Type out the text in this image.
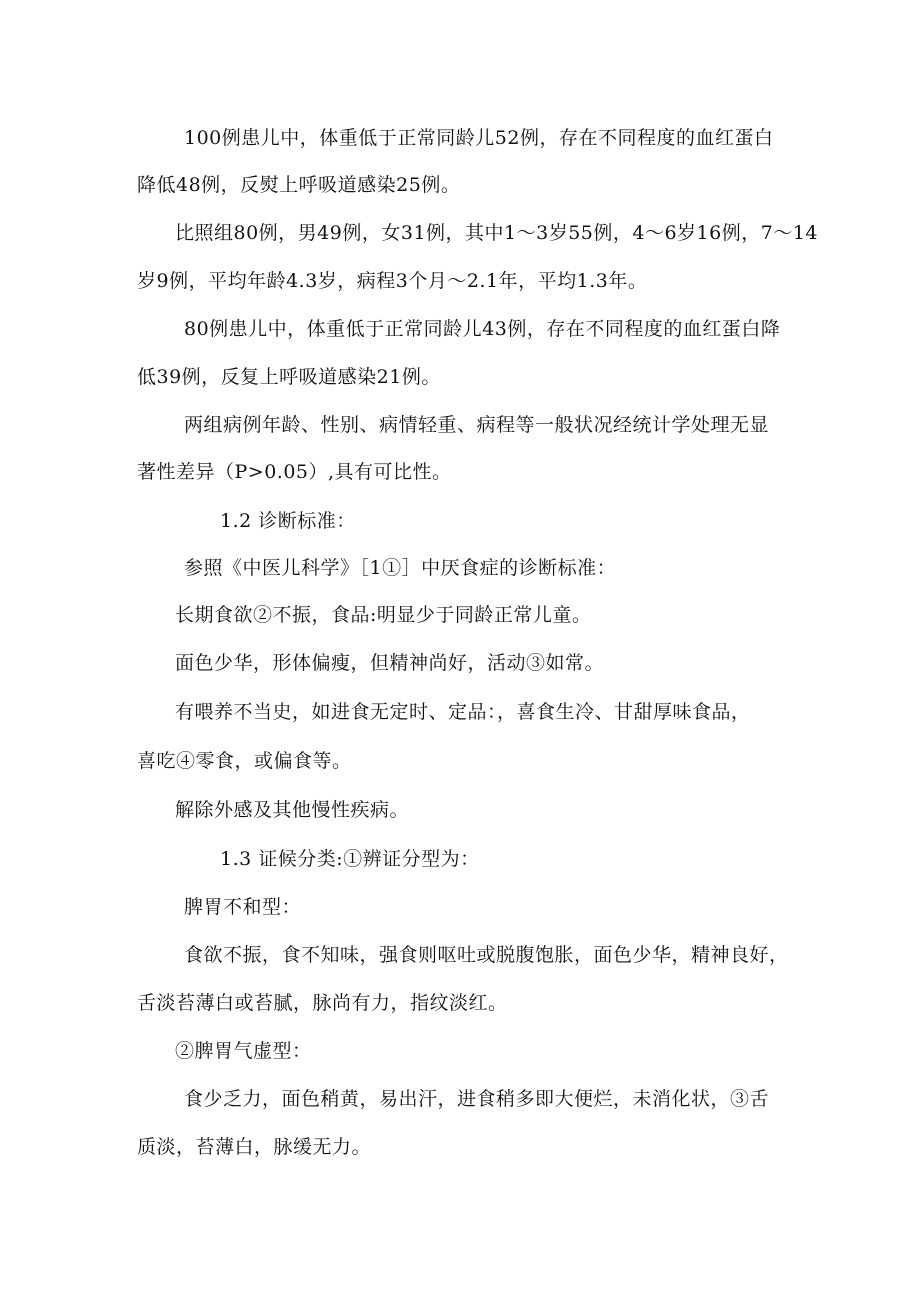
100例患儿中，体重低于正常同龄儿52例，存在不同程度的血红蛋白
降低48例，反熨上呼吸道感染25例。
比照组80例，男49例，女31例，其中1～3岁55例，4～6岁16例，7～14
岁9例，平均年龄4.3岁，病程3个月～2.1年，平均1.3年。
80例患儿中，体重低于正常同龄儿43例，存在不同程度的血红蛋白降
低39例，反复上呼吸道感染21例。
两组病例年龄、性别、病情轻重、病程等一般状况经统计学处理无显
著性差异（P>0.05）,具有可比性。
1.2 诊断标准：
参照《中医儿科学》［1①］中厌食症的诊断标准：
长期食欲②不振，食品:明显少于同龄正常儿童。
面色少华，形体偏瘦，但精神尚好，活动③如常。
有喂养不当史，如进食无定时、定品：，喜食生冷、甘甜厚味食品，
喜吃④零食，或偏食等。
解除外感及其他慢性疾病。
1.3 证候分类:①辨证分型为：
脾胃不和型：
食欲不振，食不知味，强食则呕吐或脱腹饱胀，面色少华，精神良好，
舌淡苔薄白或苔腻，脉尚有力，指纹淡红。
②脾胃气虚型：
食少乏力，面色稍黄，易出汗，进食稍多即大便烂，未消化状，③舌
质淡，苔薄白，脉缓无力。
